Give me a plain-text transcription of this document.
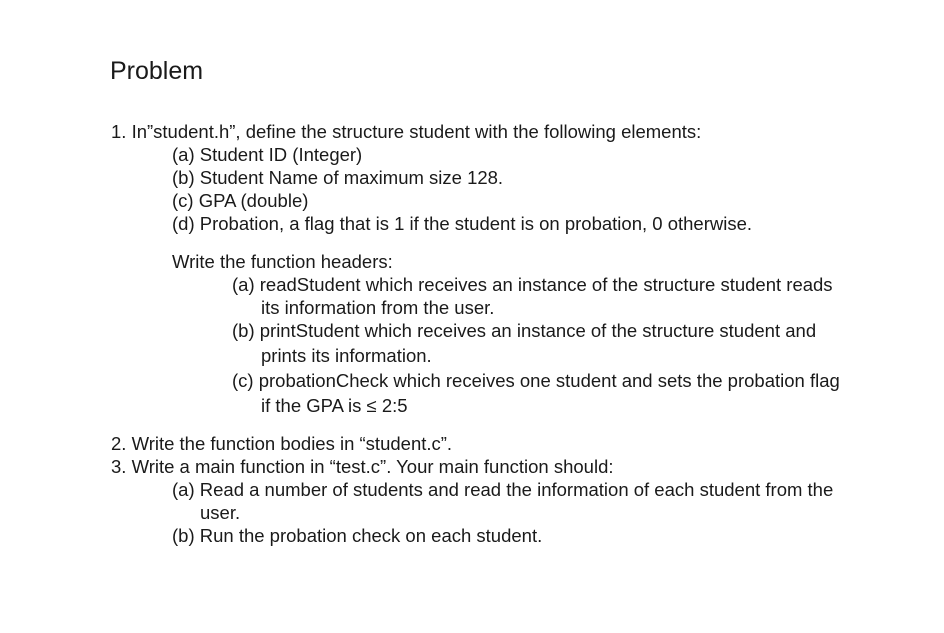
Problem
1. In”student.h”, define the structure student with the following elements:
(a) Student ID (Integer)
(b) Student Name of maximum size 128.
(c) GPA (double)
(d) Probation, a flag that is 1 if the student is on probation, 0 otherwise.
Write the function headers:
(a) readStudent which receives an instance of the structure student reads
its information from the user.
(b) printStudent which receives an instance of the structure student and
prints its information.
(c) probationCheck which receives one student and sets the probation flag
if the GPA is ≤ 2:5
2. Write the function bodies in “student.c”.
3. Write a main function in “test.c”. Your main function should:
(a) Read a number of students and read the information of each student from the
user.
(b) Run the probation check on each student.
